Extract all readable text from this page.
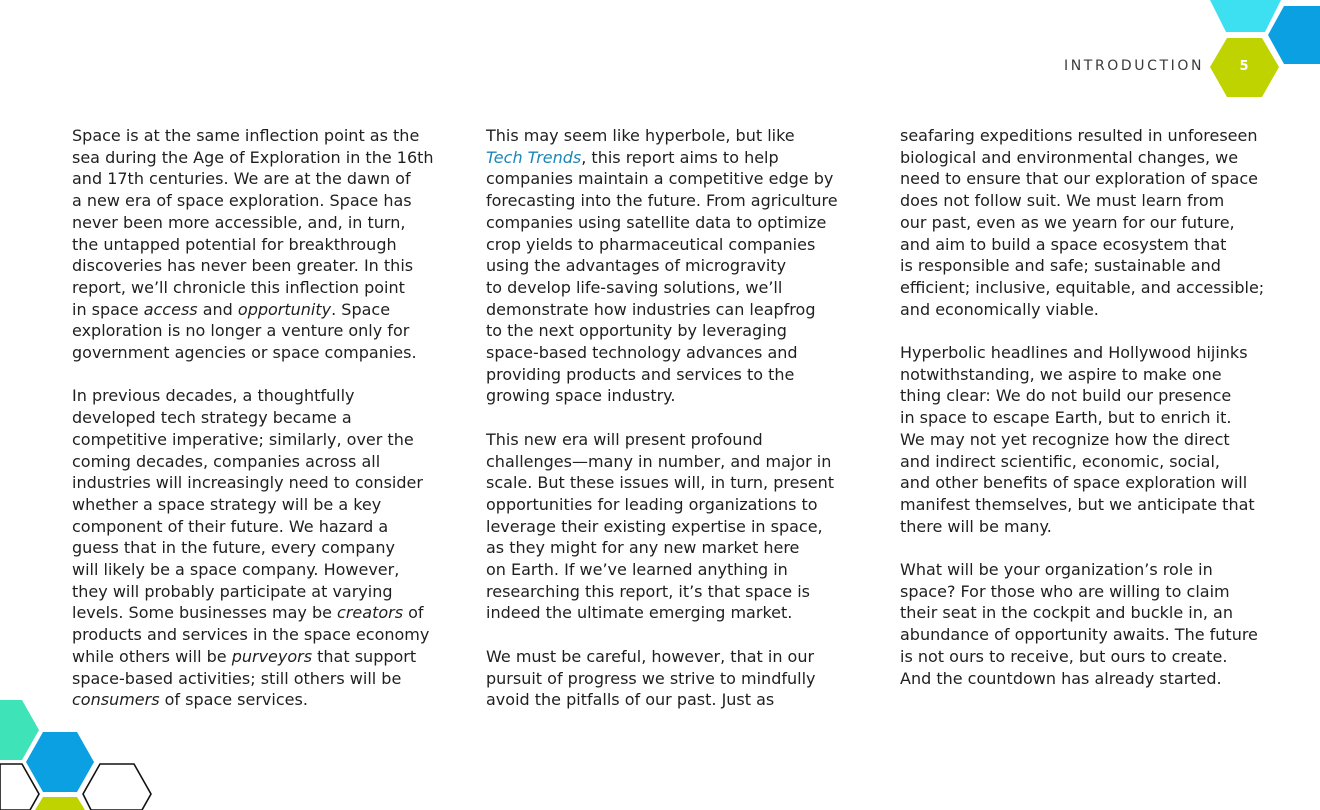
INTRODUCTION	5

Space is at the same inflection point as the
sea during the Age of Exploration in the 16th
and 17th centuries. We are at the dawn of
a new era of space exploration. Space has
never been more accessible, and, in turn,
the untapped potential for breakthrough
discoveries has never been greater. In this
report, we’ll chronicle this inflection point
in space access and opportunity. Space
exploration is no longer a venture only for
government agencies or space companies.

In previous decades, a thoughtfully
developed tech strategy became a
competitive imperative; similarly, over the
coming decades, companies across all
industries will increasingly need to consider
whether a space strategy will be a key
component of their future. We hazard a
guess that in the future, every company
will likely be a space company. However,
they will probably participate at varying
levels. Some businesses may be creators of
products and services in the space economy
while others will be purveyors that support
space-based activities; still others will be
consumers of space services.

This may seem like hyperbole, but like
Tech Trends, this report aims to help
companies maintain a competitive edge by
forecasting into the future. From agriculture
companies using satellite data to optimize
crop yields to pharmaceutical companies
using the advantages of microgravity
to develop life-saving solutions, we’ll
demonstrate how industries can leapfrog
to the next opportunity by leveraging
space-based technology advances and
providing products and services to the
growing space industry.

This new era will present profound
challenges—many in number, and major in
scale. But these issues will, in turn, present
opportunities for leading organizations to
leverage their existing expertise in space,
as they might for any new market here
on Earth. If we’ve learned anything in
researching this report, it’s that space is
indeed the ultimate emerging market.

We must be careful, however, that in our
pursuit of progress we strive to mindfully
avoid the pitfalls of our past. Just as

seafaring expeditions resulted in unforeseen
biological and environmental changes, we
need to ensure that our exploration of space
does not follow suit. We must learn from
our past, even as we yearn for our future,
and aim to build a space ecosystem that
is responsible and safe; sustainable and
efficient; inclusive, equitable, and accessible;
and economically viable.

Hyperbolic headlines and Hollywood hijinks
notwithstanding, we aspire to make one
thing clear: We do not build our presence
in space to escape Earth, but to enrich it.
We may not yet recognize how the direct
and indirect scientific, economic, social,
and other benefits of space exploration will
manifest themselves, but we anticipate that
there will be many.

What will be your organization’s role in
space? For those who are willing to claim
their seat in the cockpit and buckle in, an
abundance of opportunity awaits. The future
is not ours to receive, but ours to create.
And the countdown has already started.
